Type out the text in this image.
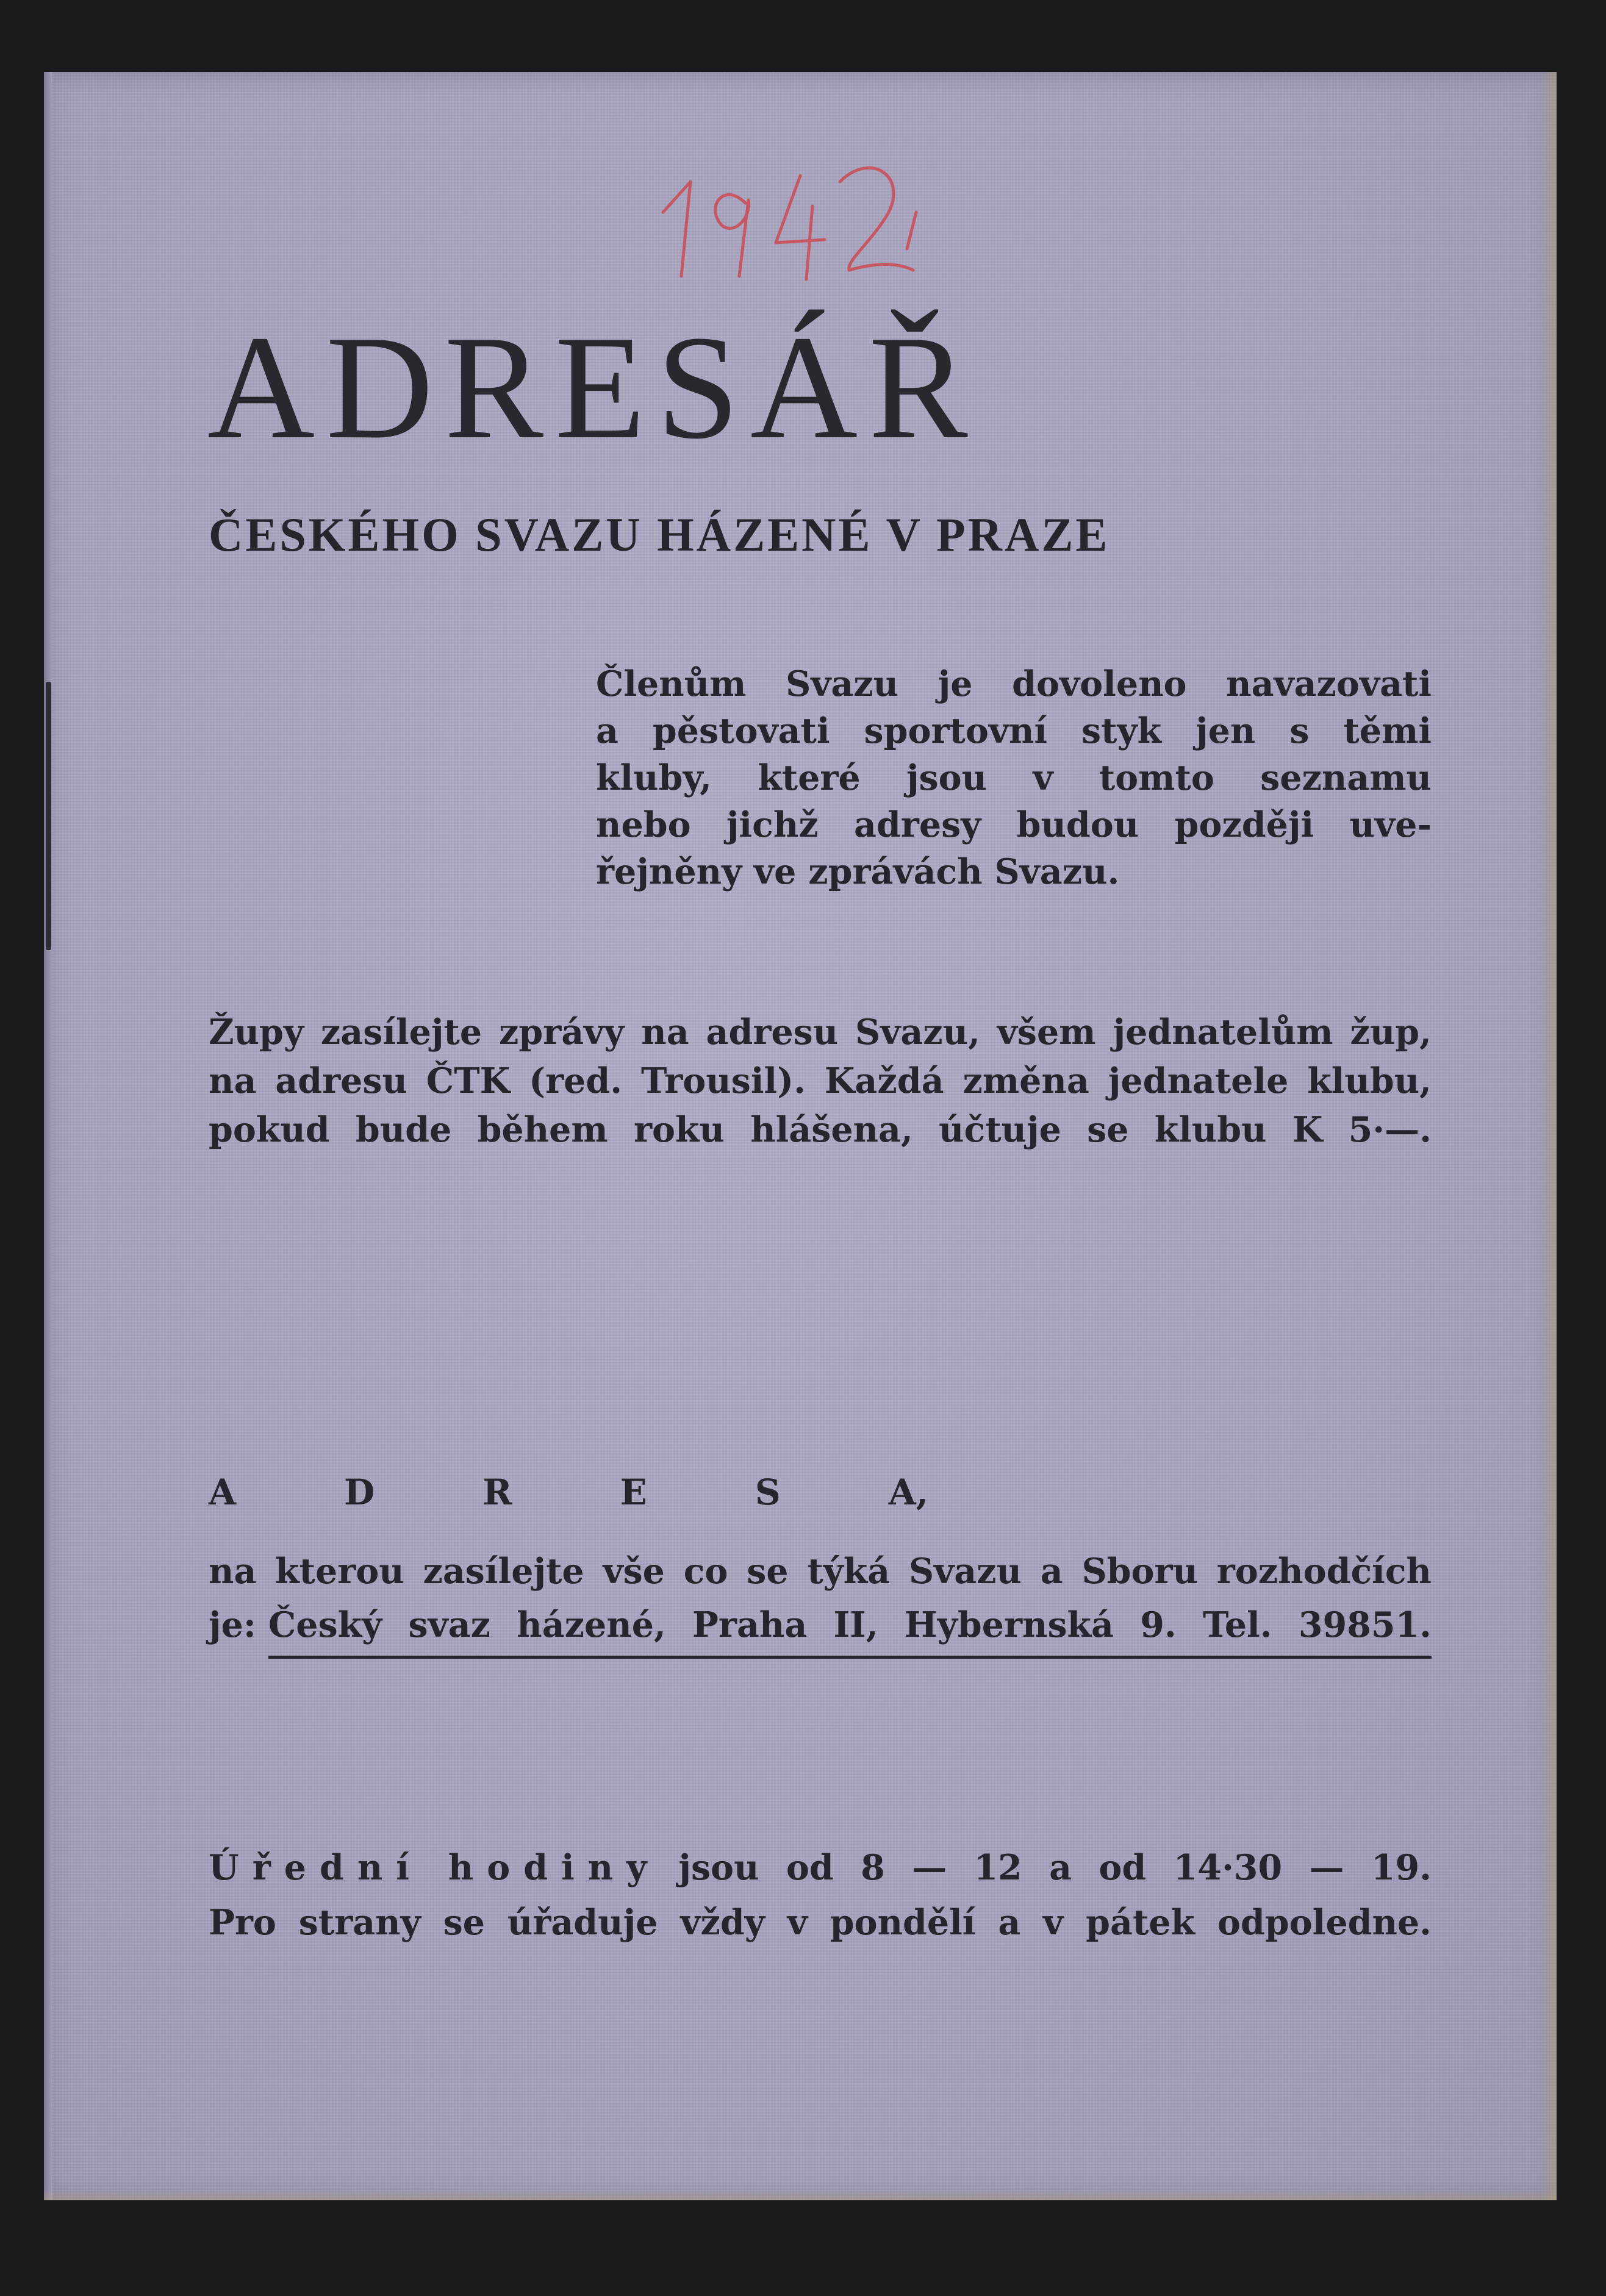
ADRESÁŘ
ČESKÉHO SVAZU HÁZENÉ V PRAZE
Členům Svazu je dovoleno navazovati
a pěstovati sportovní styk jen s těmi
kluby, které jsou v tomto seznamu
nebo jichž adresy budou později uve-
řejněny ve zprávách Svazu.
Župy zasílejte zprávy na adresu Svazu, všem jednatelům žup,
na adresu ČTK (red. Trousil). Každá změna jednatele klubu,
pokud bude během roku hlášena, účtuje se klubu K 5·—.
A	D	R	E	S	A,
na kterou zasílejte vše co se týká Svazu a Sboru rozhodčích
je: Český svaz házené, Praha II, Hybernská 9. Tel. 39851.
Úřední hodiny jsou od 8 — 12 a od 14·30 — 19.
Pro strany se úřaduje vždy v pondělí a v pátek odpoledne.
